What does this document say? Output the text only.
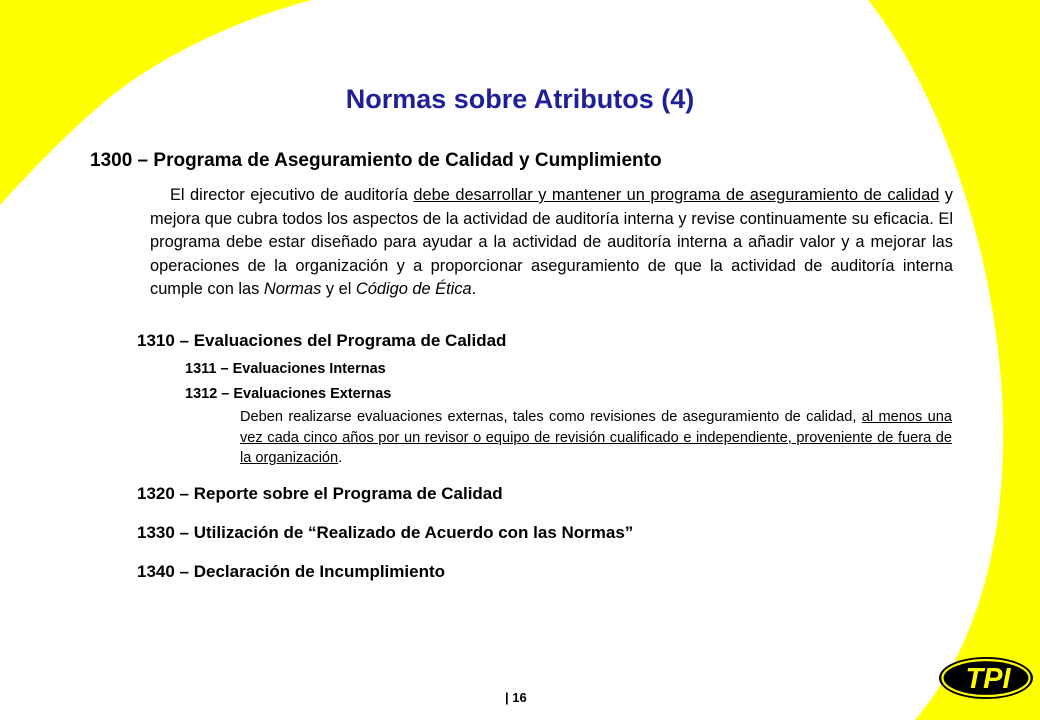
TPI
Normas sobre Atributos (4)
1300 – Programa de Aseguramiento de Calidad y Cumplimiento
El director ejecutivo de auditoría debe desarrollar y mantener un programa de aseguramiento de calidad y mejora que cubra todos los aspectos de la actividad de auditoría interna y revise continuamente su eficacia. El programa debe estar diseñado para ayudar a la actividad de auditoría interna a añadir valor y a mejorar las operaciones de la organización y a proporcionar aseguramiento de que la actividad de auditoría interna cumple con las Normas y el Código de Ética.
1310 – Evaluaciones del Programa de Calidad
1311 – Evaluaciones Internas
1312 – Evaluaciones Externas
Deben realizarse evaluaciones externas, tales como revisiones de aseguramiento de calidad, al menos una vez cada cinco años por un revisor o equipo de revisión cualificado e independiente, proveniente de fuera de la organización.
1320 – Reporte sobre el Programa de Calidad
1330 – Utilización de “Realizado de Acuerdo con las Normas”
1340 – Declaración de Incumplimiento
| 16
